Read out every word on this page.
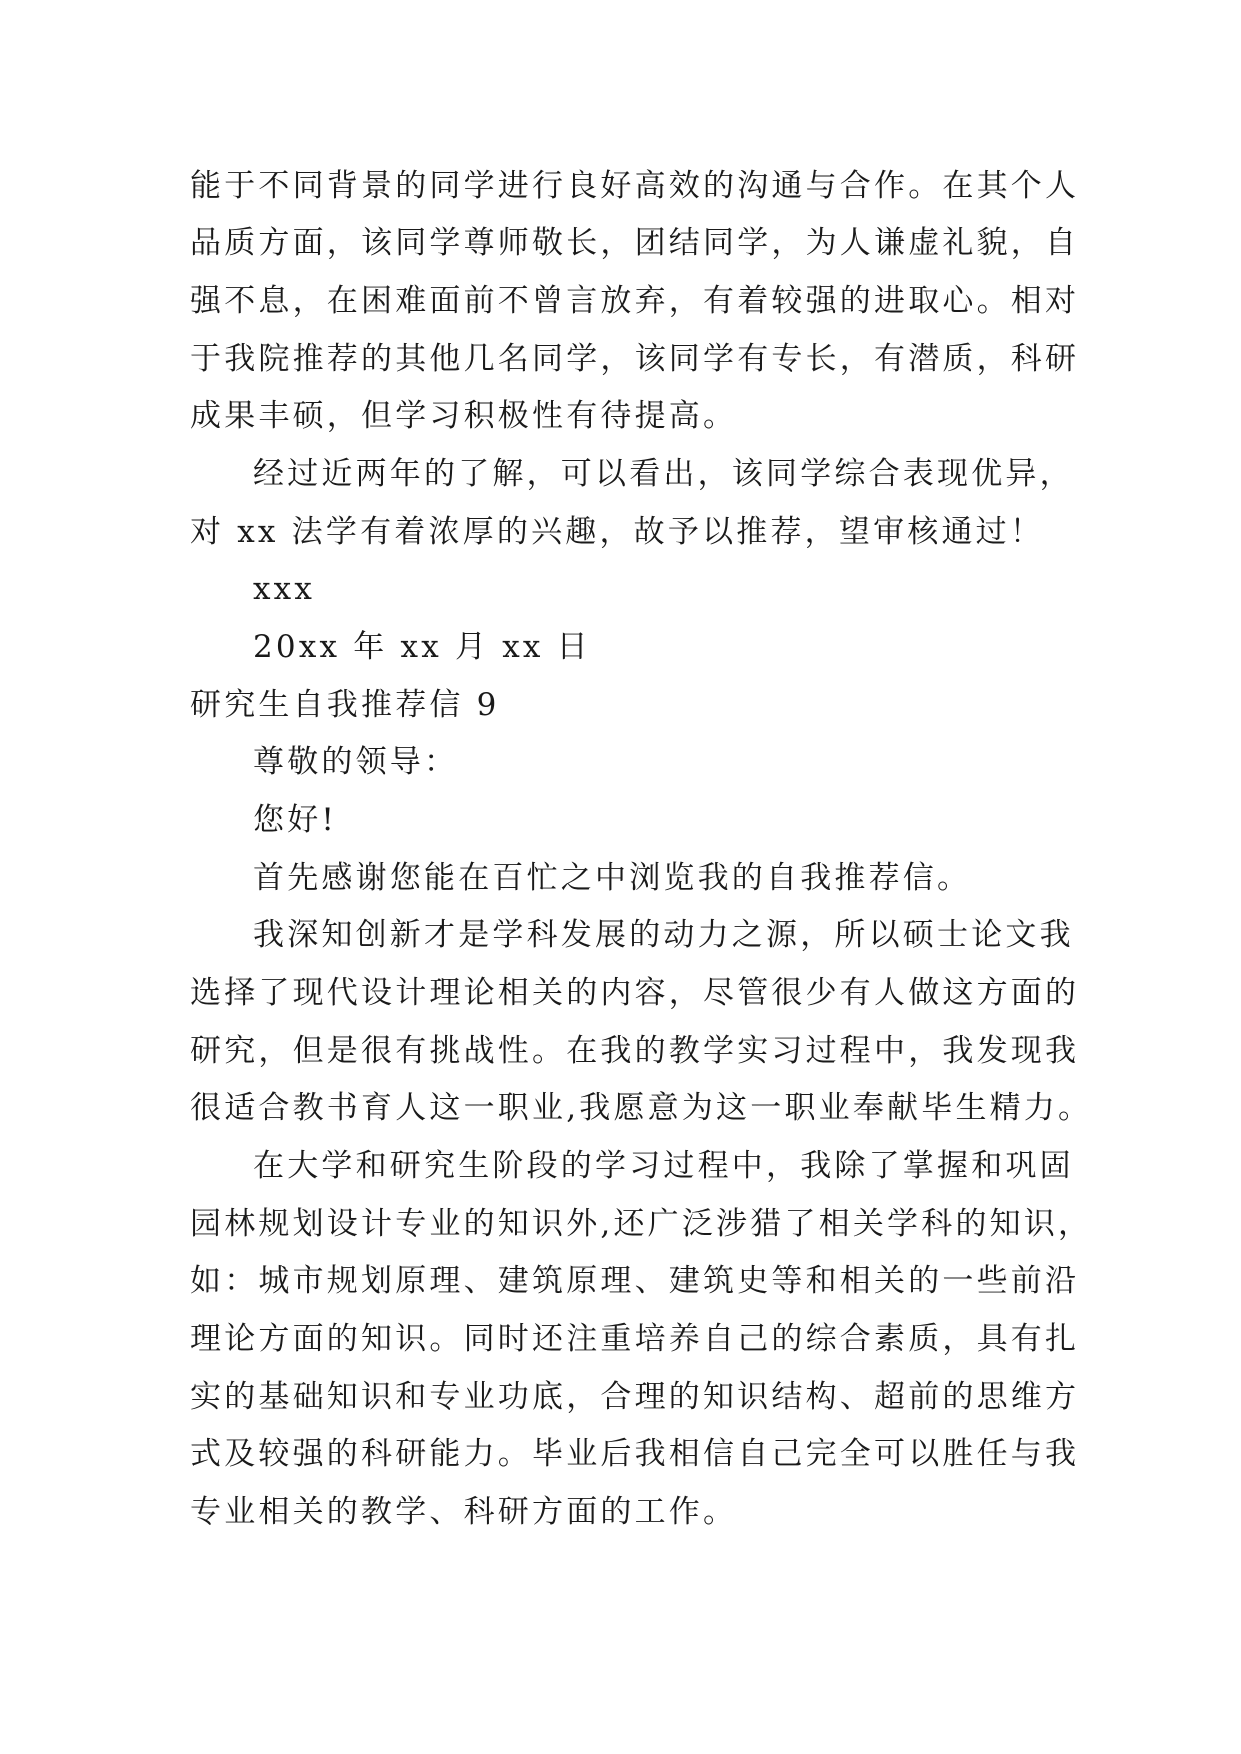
能于不同背景的同学进行良好高效的沟通与合作。在其个人
品质方面，该同学尊师敬长，团结同学，为人谦虚礼貌，自
强不息，在困难面前不曾言放弃，有着较强的进取心。相对
于我院推荐的其他几名同学，该同学有专长，有潜质，科研
成果丰硕，但学习积极性有待提高。
经过近两年的了解，可以看出，该同学综合表现优异，
对 xx 法学有着浓厚的兴趣，故予以推荐，望审核通过！
xxx
20xx 年 xx 月 xx 日
研究生自我推荐信 9
尊敬的领导：
您好!
首先感谢您能在百忙之中浏览我的自我推荐信。
我深知创新才是学科发展的动力之源，所以硕士论文我
选择了现代设计理论相关的内容，尽管很少有人做这方面的
研究，但是很有挑战性。在我的教学实习过程中，我发现我
很适合教书育人这一职业,我愿意为这一职业奉献毕生精力。
在大学和研究生阶段的学习过程中，我除了掌握和巩固
园林规划设计专业的知识外,还广泛涉猎了相关学科的知识，
如：城市规划原理、建筑原理、建筑史等和相关的一些前沿
理论方面的知识。同时还注重培养自己的综合素质，具有扎
实的基础知识和专业功底，合理的知识结构、超前的思维方
式及较强的科研能力。毕业后我相信自己完全可以胜任与我
专业相关的教学、科研方面的工作。
